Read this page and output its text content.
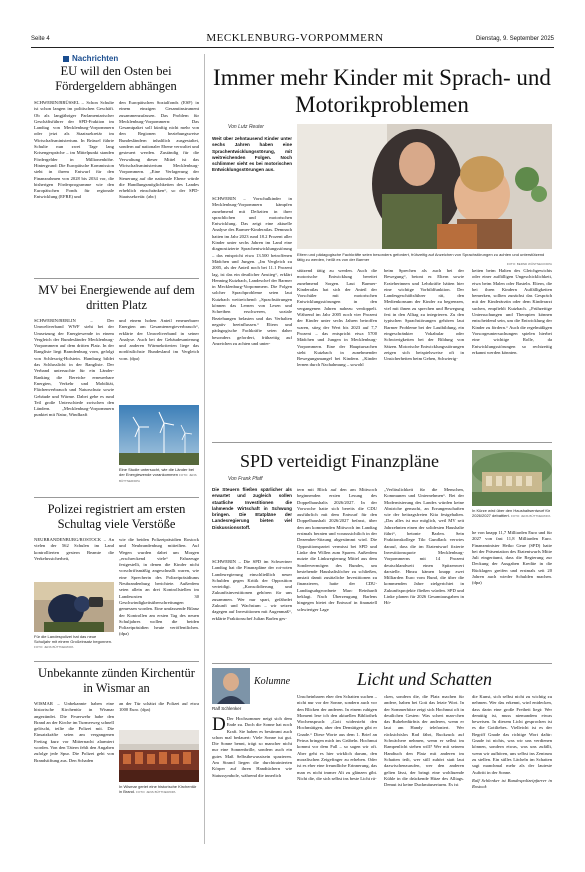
Seite 4	MECKLENBURG-VORPOMMERN	Dienstag, 9. September 2025
Nachrichten
EU will den Osten bei Fördergeldern abhängen
SCHWERIN/BRÜSSEL – Schon Schulte ist schon langen im politischen Geschäft. Ob als langjähriger Parlamentarischer Geschäftsführer der SPD-Fraktion im Landtag von Mecklenburg-Vorpommern oder jetzt als Staatssekretär im Wirtschaftsministerium. In Brüssel führte Schulte nun zwei Tage lang Krisengespräche – im Mittelpunkt standen Fördergelder in Millionenhöhe. Hintergrund: Die Europäische Kommission sieht in ihrem Entwurf für den Finanzrahmen von 2028 bis 2034 vor, die bisherigen Förderprogramme wie den Europäischen Fonds für regionale Entwicklung (EFRE) und
den Europäischen Sozialfonds (ESF) in einem einzigen Gesamtinstrument zusammenzufassen. Das Problem für Mecklenburg-Vorpommern: Das Gesamtpaket soll künftig nicht mehr von den Regionen beziehungsweise Bundesländern inhaltlich ausgestaltet, sondern auf nationaler Ebene verwaltet und gesteuert werden. Zuständig für die Verwaltung dieser Mittel ist das Wirtschaftsministerium Mecklenburg-Vorpommern. „Eine Verlagerung der Steuerung auf die nationale Ebene würde die Handlungsmöglichkeiten des Landes erheblich einschränken“, so der SPD-Staatssekretär. (abc)
MV bei Energiewende auf dem dritten Platz
SCHWERIN/BERLIN – Der Umweltverband WWF sieht bei der Umsetzung der Energiewende in einem Vergleich der Bundesländer Mecklenburg-Vorpommern auf dem dritten Platz. In der Rangliste liegt Brandenburg vorn, gefolgt von Schleswig-Holstein. Hamburg bildet das Schlusslicht in der Rangliste. Der Verband untersuchte für ein Länder-Ranking die Bereiche erneuerbare Energien, Verkehr und Mobilität, Flächenverbrauch und Naturschutz sowie Gebäude und Wärme. Dabei gebe es rund Teil große Unterschiede zwischen den Ländern. „Mecklenburg-Vorpommern punktet mit Natur, Windkraft
und einem hohen Anteil erneuerbarer Energien am Gesamtenergieverbrauch“, erklärte der Umweltverband in seiner Analyse. Auch bei der Gebäudesanierung und anderen Wärmekriterien liege das nordöstlichste Bundesland im Vergleich vorn. (dpa)
Eine Studie untersucht, wie die Länder bei der Energiewende vorankommen FOTO: JENS BÜTTNER/DPA
Polizei registriert am ersten Schultag viele Verstöße
NEUBRANDENBURG/ROSTOCK – An vielen der 562 Schulen im Land kontrollierten gestern Beamte die Verkehrssicherheit,
Für die Landespolizei hat das neue Schuljahr mit einem Großeinsatz begonnen. FOTO: JENS BÜTTNER/DPA
wie die beiden Polizeipräsidien Rostock und Neubrandenburg mitteilten. Auf Wegen wurden dabei um Morgen „erschreckend viele“ Fahrzeuge festgestellt, in denen die Kinder nicht vorschriftsmäßig angeschnallt waren, wie eine Sprecherin des Polizeipräsidiums Neubrandenburg berichtete. Außerdem seien allein an drei Kontrollstellen im Landesosten 30 Geschwindigkeitsüberschreitungen gemessen worden. Eine umfassende Bilanz der Kontrollen am ersten Tag des neuen Schuljahres wollen die beiden Polizeipräsidien heute veröffentlichen. (dpa)
Unbekannte zünden Kirchentür in Wismar an
WISMAR – Unbekannte haben eine historische Kirchentür in Wismar angezündet. Die Feuerwehr habe den Brand an der Kirche im Turmerweg schnell gelöscht, teilte die Polizei mit. Die Einsatzkräfte seien am vergangenen Freitag kurz vor Mitternacht alarmiert worden. Von den Tätern fehlt den Angaben zufolge jede Spur. Die Polizei geht von Brandstiftung aus. Den Schaden
an der Tür schätzt die Polizei auf etwa 1000 Euro. (dpa)
In Wismar geriet eine historische Kirchentür in Brand. FOTO: JENS BÜTTNER/DPA
Immer mehr Kinder mit Sprach- und Motorikproblemen
Von Lutz Reuter
Weit über zehntausend Kinder unter sechs Jahren haben eine Sprachentwicklungsstörung, mit weitreichenden Folgen. Noch schlimmer sieht es bei motorischen Entwicklungsstörungen aus.
SCHWERIN – Vorschulkinder in Mecklenburg-Vorpommern kämpfen zunehmend mit Defiziten in ihrer sprachlichen und motorischen Entwicklung. Das zeigt eine aktuelle Analyse des Barmer-Kinderatlas. Demnach hatten im Jahr 2023 rund 18.2 Prozent aller Kinder unter sechs Jahren im Land eine diagnostizierte Sprachentwicklungsstörung – das entspricht etwa 13.500 betroffenen Mädchen und Jungen. „Im Vergleich zu 2005, als der Anteil noch bei 11.1 Prozent lag, ist das ein deutlicher Anstieg“, erklärt Henning Kutzbach, Landeschef der Barmer in Mecklenburg-Vorpommern. Die Folgen solcher Sprachprobleme seien laut Kutzbach weitreichend: „Sprachstörungen können das Lernen von Lesen und Schreiben erschweren, soziale Beziehungen belasten und das Verhalten negativ beeinflussen.“ Eltern und pädagogische Fachkräfte seien daher besonders gefordert, frühzeitig auf Anzeichen zu achten und unter-
Eltern und pädagogische Fachkräfte seien besonders gefordert, frühzeitig auf Anzeichen von Sprachstörungen zu achten und unterstützend tätig zu werden, heißt es von der Barmer

FOTO: BERND WÜSTNECK/DPA
stützend tätig zu werden. Auch die motorische Entwicklung bereitet zunehmend Sorgen. Laut Barmer-Kinderatlas hat sich der Anteil der Vorschüler mit motorischen Entwicklungsstörungen in den vergangenen Jahren nahezu verdoppelt. Während im Jahr 2005 noch vier Prozent der Kinder unter sechs Jahren betroffen waren, stieg der Wert bis 2023 auf 7,7 Prozent – das entspricht etwa 5700 Mädchen und Jungen in Mecklenburg-Vorpommern. Eine der Hauptursachen sieht Kutzbach in zunehmender Bewegungsmangel bei Kindern. „Kinder lernen durch Nachahmung – sowohl
beim Sprechen als auch bei der Bewegung“, betont er. Eltern sowie Erzieherinnen und Lehrkräfte hätten hier eine wichtige Vorbildfunktion. Der Landesgeschäftsführer rät, den Medienkonsum der Kinder zu begrenzen, viel mit ihnen zu sprechen und Bewegung fest in den Alltag zu integrieren. Zu den typischen Sprachstörungen gehören laut Barmer Probleme bei der Lautbildung, ein eingeschränkter Vokabular oder Schwierigkeiten bei der Bildung von Sätzen. Motorische Entwicklungsstörungen zeigen sich beispielsweise oft in Unsicherheiten beim Gehen, Schwierig-
keiten beim Halten des Gleichgewichts oder einer auffälligen Ungeschicklichkeit, etwa beim Malen oder Basteln. Eltern, die bei ihren Kindern Auffälligkeiten bemerken, sollten zunächst das Gespräch mit der Kinderärztin oder dem Kinderarzt suchen, empfiehlt Kutzbach. „Frühzeitige Untersuchungen und Therapien können entscheidend sein, um die Entwicklung der Kinder zu fördern.“ Auch die regelmäßigen Vorsorgeuntersuchungen spielen hierbei eine wichtige Rolle, da Entwicklungsstörungen so rechtzeitig erkannt werden könnten.
SPD verteidigt Finanzpläne
Von Frank Pfaff
Die Steuern fließen spärlicher als erwartet und zugleich sollen staatliche Investitionen die lahmende Wirtschaft in Schwung bringen. Die Etatpläne der Landesregierung bieten viel Diskussionsstoff.
SCHWERIN – Die SPD im Schweriner Landtag hat die Finanzpläne der rot-roten Landesregierung einschließlich neuer Schulden gegen Kritik der Opposition verteidigt. „Konsolidierung und Zukunftsinvestitionen gehören für uns zusammen. Wer nur spart, gefährdet Zukunft und Wachstum – wir setzen dagegen auf Investitionen mit Augenmaß“, erklärte Fraktionschef Julian Barlen ges-
tern mit Blick auf den am Mittwoch beginnenden ersten Lesung des Doppelhaushalts 2026/2027. In der Vorwoche hatte sich bereits die CDU ausführlich mit dem Entwurf für den Doppelhaushalt 2026/2027 befasst, über den am kommenden Mittwoch im Landtag erstmals beraten und voraussichtlich in der Dezember-Sitzung abgestimmt wird. Die Oppositionspartei vermisst bei SPD und Linke den Willen zum Sparen. Außerdem nutzte die Linksregierung Mittel aus dem Sondervermögen des Bundes, um bestehende Haushaltslöcher zu schließen, anstatt damit zusätzliche Investitionen zu finanzieren, hatte der CDU-Landtagsabgeordnete Marc Reinhardt beklagt. Nach Überzeugung Barlens hingegen bietet der Entwurf in finanziell schwieriger Lage
„Verlässlichkeit für die Menschen, Kommunen und Unternehmen“. Bei der Modernisierung des Landes würden keine Abstriche gemacht, an Errungenschaften wie der beitragsfreien Kita festgehalten. „Das alles ist nur möglich, weil MV seit Jahrzehnten einen der solidesten Haushalte führt“, betonte Barlen. Sein Fraktionskollege Tilo Gundlack verwies darauf, dass die im Etatentwurf fixierte Investitionsquote Mecklenburg-Vorpommerns mit 14 Prozent deutschlandweit einen Spitzenwert darstelle. Hinzu kämen knapp zwei Milliarden Euro vom Bund, die über die kommenden Jahre zielgerichtet in Zukunftsprojekte fließen würden. SPD und Linke planen für 2026 Gesamtausgaben in Hö-
In Kürze wird über den Haushaltsentwurf für 2026/2027 debattiert. FOTO: JENS BÜTTNER/DPA
he von knapp 11,7 Milliarden Euro und für 2027 von fast 11,8 Milliarden Euro. Finanzminister Heiko Geue (SPD) hatte bei der Präsentation des Etatentwurfs Mitte Juli eingeräumt, dass die Regierung zur Deckung der Ausgaben Kredite in die Rücklagen greifen und erstmals seit 20 Jahren auch wieder Schulden machen. (dpa)
Kolumne
Ralf Schlenker
Licht und Schatten
D Der Hochsommer neigt sich dem Ende zu. Doch die Sonne hat noch Kraft. Sie haben es bestimmt auch schon mal bedauert: Viele Sonne tut gut. Die Sonne bennt, trägt so mancher nicht nur eine Sonnenbrille, sondern auch ein gutes Maß Selbstbewusstsein spazieren. Am Strand liegen die durchtrainierten Körper auf ihren Handtüchern wie Statussymbole, während die innerlich
Unscheinbaren eher den Schatten suchen – nicht nur vor der Sonne, sondern auch vor den Blicken der anderen. In einem ruhigen Moment lese ich den aktuellen Bibliothek Wochenspruch: „Gott widersteht den Hochmütigen, aber den Demütigen gibt er Gnade.“ Diese Worte aus dem 1. Brief an Petrus bringen mich ins Grübeln. Hochmut kommt vor dem Fall – so sagen wir oft. Aber geht es hier wirklich darum, den moralischen Zeigefinger zu erheben. Oder ist es eher eine freundliche Erinnerung, das man es nicht immer Alt zu glänzen gibt. Nicht die, die sich selbst ins beste Licht rü-
cken, sondern die, die Platz machen für andere, haben bei Gott das letzte Wort. In der Sommerhitze zeigt sich Hochmut oft in deutlichen Gesten: Was schert man-chen das Ruhebedürfnis der anderen, wenn er laut am Handy telefoniert. Wer rücksichtslos Rad fährt, Ruckzuck auf Schwächere nehmen, wenn er selbst im Rampenlicht stehen will? Wer mit seinem Handtuch den Platz mit anderen im Schatten teilt, wer still zuhört statt laut dazwischenzurufen, wer den anderen gelten lässt, der bringt eine wohltuende Kühle in die drückende Hitze des Alltags. Demut ist keine Duckmäuserturm. Es ist
die Kunst, sich selbst nicht zu wichtig zu nehmen. Wer das erkennt, wird entdecken, dass darin eine große Freiheit liegt: Wer demütig ist, muss niemandem etwas beweisen. In diesem Licht gesprochen ist es die Gottliebes. Vielleicht ist es der Begriff Gnade das richtige Wort dafür: Gnade ist nichts, was wir uns verdienen können, sondern etwas, was uns zufällt, wenn wir aufhören, uns selbst ins Zentrum zu stellen. Ein stilles Lächeln im Schatten sagt manchmal mehr als der lauteste Auftritt in der Sonne.
Ralf Schlenker ist Bundespolizeipfarrer in Rostock
